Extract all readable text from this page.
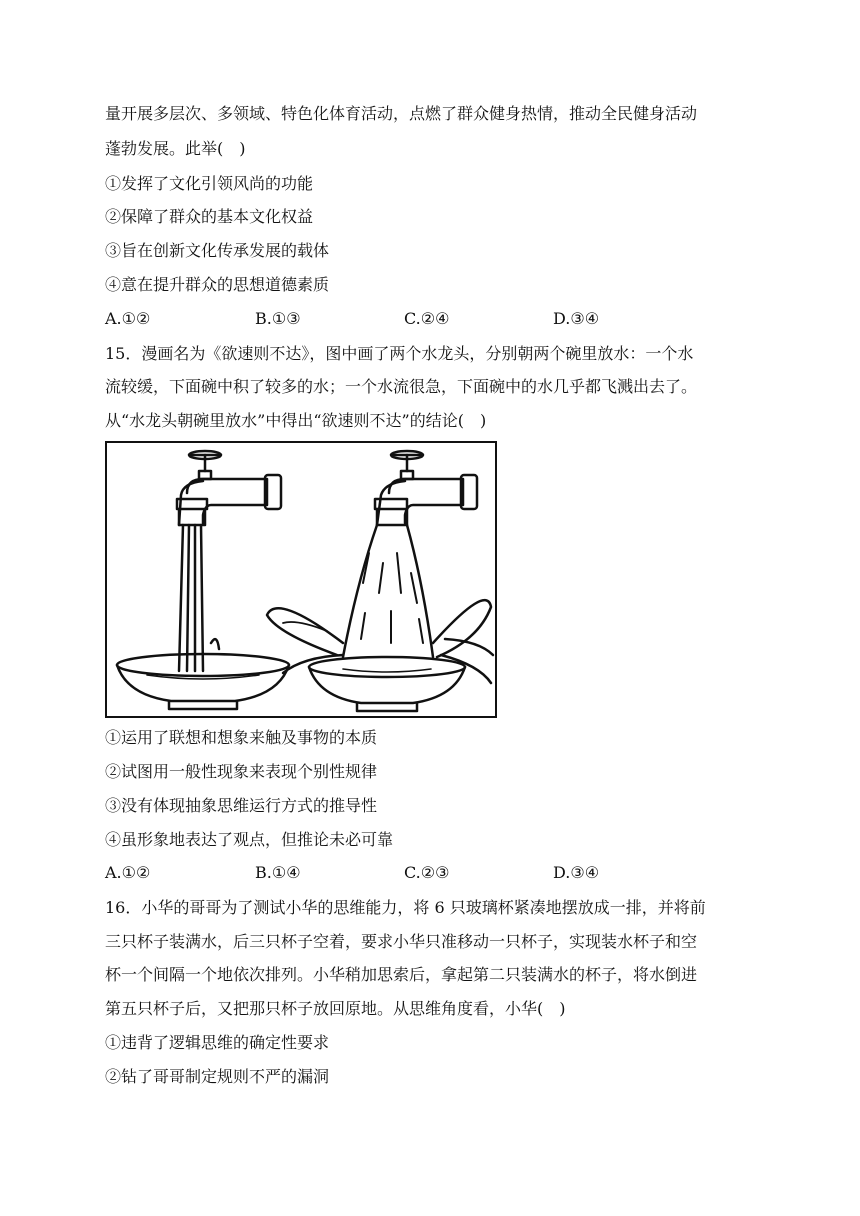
量开展多层次、多领域、特色化体育活动，点燃了群众健身热情，推动全民健身活动
蓬勃发展。此举(　)
①发挥了文化引领风尚的功能
②保障了群众的基本文化权益
③旨在创新文化传承发展的载体
④意在提升群众的思想道德素质
A.①②	B.①③	C.②④	D.③④
15．漫画名为《欲速则不达》，图中画了两个水龙头，分别朝两个碗里放水：一个水
流较缓，下面碗中积了较多的水；一个水流很急，下面碗中的水几乎都飞溅出去了。
从“水龙头朝碗里放水”中得出“欲速则不达”的结论(　)
①运用了联想和想象来触及事物的本质
②试图用一般性现象来表现个别性规律
③没有体现抽象思维运行方式的推导性
④虽形象地表达了观点，但推论未必可靠
A.①②	B.①④	C.②③	D.③④
16．小华的哥哥为了测试小华的思维能力，将 6 只玻璃杯紧凑地摆放成一排，并将前
三只杯子装满水，后三只杯子空着，要求小华只准移动一只杯子，实现装水杯子和空
杯一个间隔一个地依次排列。小华稍加思索后，拿起第二只装满水的杯子，将水倒进
第五只杯子后，又把那只杯子放回原地。从思维角度看，小华(　)
①违背了逻辑思维的确定性要求
②钻了哥哥制定规则不严的漏洞
